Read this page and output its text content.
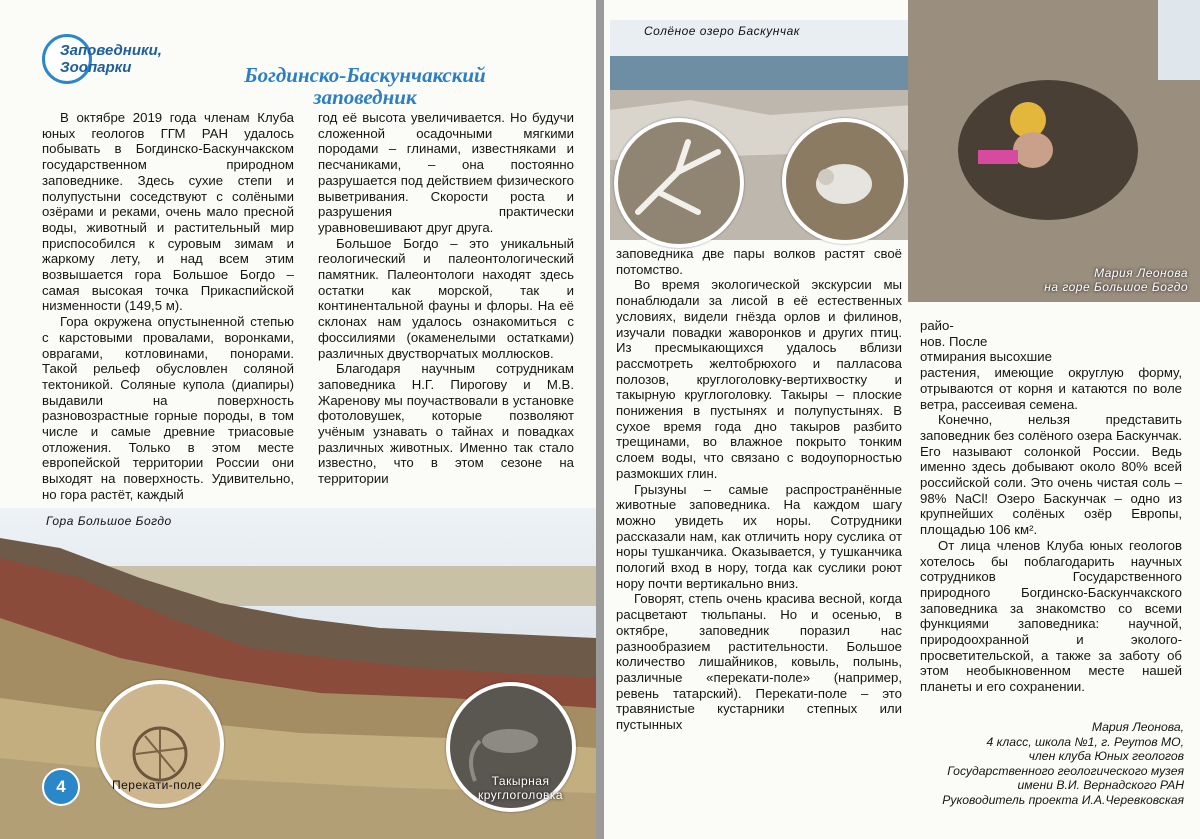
Заповедники,
Зоопарки	Богдинско-Баскунчакский
заповедник

В октябре 2019 года членам Клуба юных геологов ГГМ РАН удалось побывать в Богдинско-Баскунчакском государственном природном заповеднике. Здесь сухие степи и полупустыни соседствуют с солёными озёрами и реками, очень мало пресной воды, животный и растительный мир приспособился к суровым зимам и жаркому лету, и над всем этим возвышается гора Большое Богдо – самая высокая точка Прикаспийской низменности (149,5 м).

Гора окружена опустыненной степью с карстовыми провалами, воронками, оврагами, котловинами, понорами. Такой рельеф обусловлен соляной тектоникой. Соляные купола (диапиры) выдавили на поверхность разновозрастные горные породы, в том числе и самые древние триасовые отложения. Только в этом месте европейской территории России они выходят на поверхность. Удивительно, но гора растёт, каждый

год её высота увеличивается. Но будучи сложенной осадочными мягкими породами – глинами, известняками и песчаниками, – она постоянно разрушается под действием физического выветривания. Скорости роста и разрушения практически уравновешивают друг друга.

Большое Богдо – это уникальный геологический и палеонтологический памятник. Палеонтологи находят здесь остатки как морской, так и континентальной фауны и флоры. На её склонах нам удалось ознакомиться с фоссилиями (окаменелыми остатками) различных двустворчатых моллюсков.

Благодаря научным сотрудникам заповедника Н.Г. Пирогову и М.В. Жаренову мы поучаствовали в установке фотоловушек, которые позволяют учёным узнавать о тайнах и повадках различных животных. Именно так стало известно, что в этом сезоне на территории

Гора Большое Богдо
Перекати-поле	Такырная
круглоголовка
4
Солёное озеро Баскунчак
Мария Леонова
на горе Большое Богдо

заповедника две пары волков растят своё потомство.

Во время экологической экскурсии мы понаблюдали за лисой в её естественных условиях, видели гнёзда орлов и филинов, изучали повадки жаворонков и других птиц. Из пресмыкающихся удалось вблизи рассмотреть желтобрюхого и палласова полозов, круглоголовку-вертихвостку и такырную круглоголовку. Такыры – плоские понижения в пустынях и полупустынях. В сухое время года дно такыров разбито трещинами, во влажное покрыто тонким слоем воды, что связано с водоупорностью размокших глин.

Грызуны – самые распространённые животные заповедника. На каждом шагу можно увидеть их норы. Сотрудники рассказали нам, как отличить нору суслика от норы тушканчика. Оказывается, у тушканчика пологий вход в нору, тогда как суслики роют нору почти вертикально вниз.

Говорят, степь очень красива весной, когда расцветают тюльпаны. Но и осенью, в октябре, заповедник поразил нас разнообразием растительности. Большое количество лишайников, ковыль, полынь, различные «перекати-поле» (например, ревень татарский). Перекати-поле – это травянистые кустарники степных или пустынных

райо-
нов. После
отмирания высохшие

растения, имеющие округлую форму, отрываются от корня и катаются по воле ветра, рассеивая семена.

Конечно, нельзя представить заповедник без солёного озера Баскунчак. Его называют солонкой России. Ведь именно здесь добывают около 80% всей российской соли. Это очень чистая соль – 98% NaCl! Озеро Баскунчак – одно из крупнейших солёных озёр Европы, площадью 106 км².

От лица членов Клуба юных геологов хотелось бы поблагодарить научных сотрудников Государственного природного Богдинско-Баскунчакского заповедника за знакомство со всеми функциями заповедника: научной, природоохранной и эколого-просветительской, а также за заботу об этом необыкновенном месте нашей планеты и его сохранении.

Мария Леонова,
4 класс, школа №1, г. Реутов МО,
член клуба Юных геологов
Государственного геологического музея
имени В.И. Вернадского РАН
Руководитель проекта И.А.Черевковская
